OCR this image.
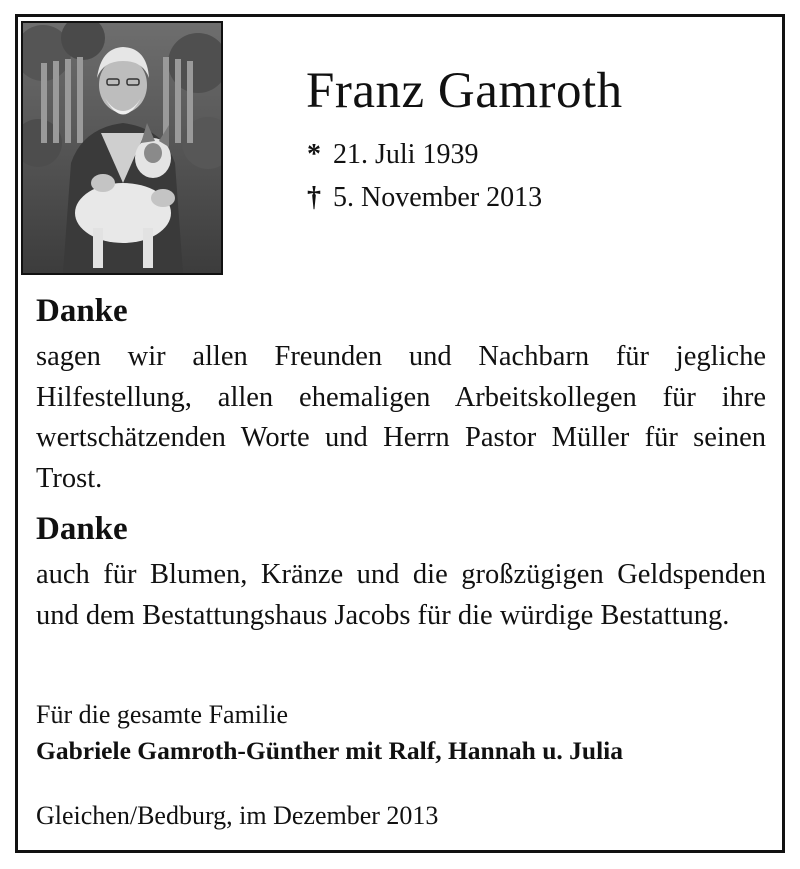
Franz Gamroth
* 21. Juli 1939
† 5. November 2013
Danke
sagen wir allen Freunden und Nachbarn für jegliche Hilfestellung, allen ehemaligen Arbeitskollegen für ihre wertschätzenden Worte und Herrn Pastor Müller für seinen Trost.
Danke
auch für Blumen, Kränze und die großzügigen Geldspenden und dem Bestattungshaus Jacobs für die würdige Bestattung.
Für die gesamte Familie
Gabriele Gamroth-Günther mit Ralf, Hannah u. Julia
Gleichen/Bedburg, im Dezember 2013
